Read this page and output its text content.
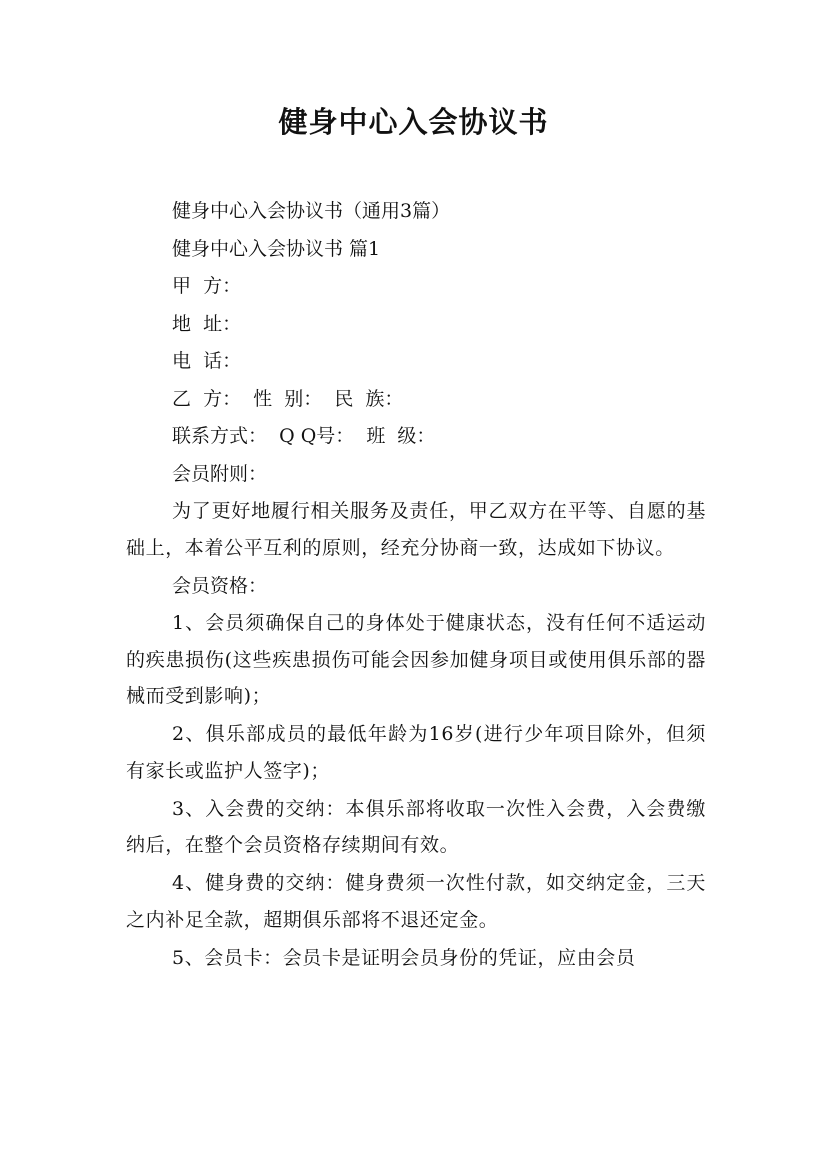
健身中心入会协议书

健身中心入会协议书（通用3篇）

健身中心入会协议书 篇1

甲  方：

地  址：

电  话：

乙  方：  性  别：  民  族：

联系方式：  Q Q号：  班  级：

会员附则：

为了更好地履行相关服务及责任，甲乙双方在平等、自愿的基础上，本着公平互利的原则，经充分协商一致，达成如下协议。

会员资格：

1、会员须确保自己的身体处于健康状态，没有任何不适运动的疾患损伤(这些疾患损伤可能会因参加健身项目或使用俱乐部的器械而受到影响)；

2、俱乐部成员的最低年龄为16岁(进行少年项目除外，但须有家长或监护人签字)；

3、入会费的交纳：本俱乐部将收取一次性入会费，入会费缴纳后，在整个会员资格存续期间有效。

4、健身费的交纳：健身费须一次性付款，如交纳定金，三天之内补足全款，超期俱乐部将不退还定金。

5、会员卡：会员卡是证明会员身份的凭证，应由会员
